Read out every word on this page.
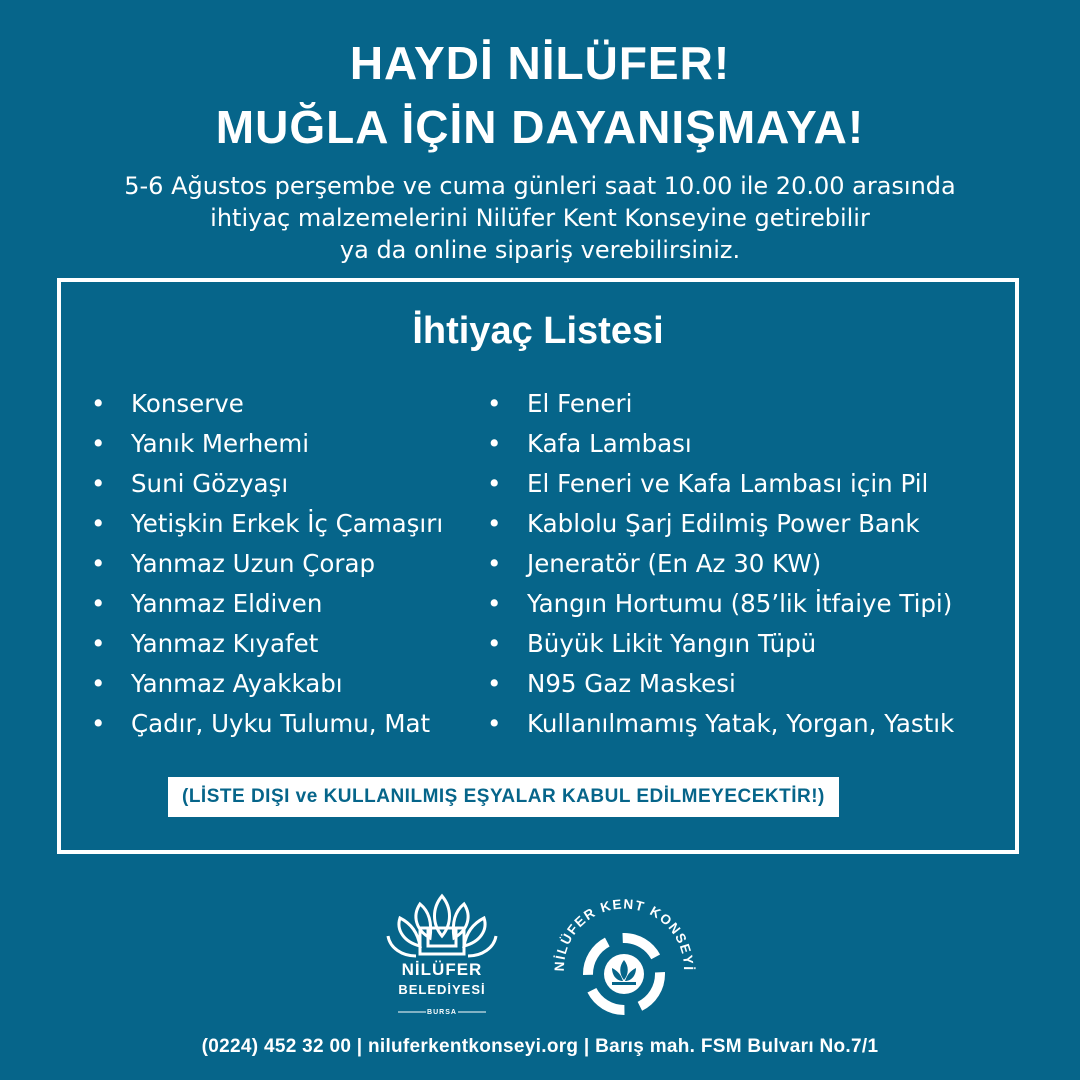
HAYDİ NİLÜFER!
MUĞLA İÇİN DAYANIŞMAYA!
5-6 Ağustos perşembe ve cuma günleri saat 10.00 ile 20.00 arasında
ihtiyaç malzemelerini Nilüfer Kent Konseyine getirebilir
ya da online sipariş verebilirsiniz.
İhtiyaç Listesi
• Konserve
• Yanık Merhemi
• Suni Gözyaşı
• Yetişkin Erkek İç Çamaşırı
• Yanmaz Uzun Çorap
• Yanmaz Eldiven
• Yanmaz Kıyafet
• Yanmaz Ayakkabı
• Çadır, Uyku Tulumu, Mat
• El Feneri
• Kafa Lambası
• El Feneri ve Kafa Lambası için Pil
• Kablolu Şarj Edilmiş Power Bank
• Jeneratör (En Az 30 KW)
• Yangın Hortumu (85’lik İtfaiye Tipi)
• Büyük Likit Yangın Tüpü
• N95 Gaz Maskesi
• Kullanılmamış Yatak, Yorgan, Yastık
(LİSTE DIŞI ve KULLANILMIŞ EŞYALAR KABUL EDİLMEYECEKTİR!)
NİLÜFER
BELEDİYESİ
BURSA
NİLÜFER KENT KONSEYİ
(0224) 452 32 00 | niluferkentkonseyi.org | Barış mah. FSM Bulvarı No.7/1
